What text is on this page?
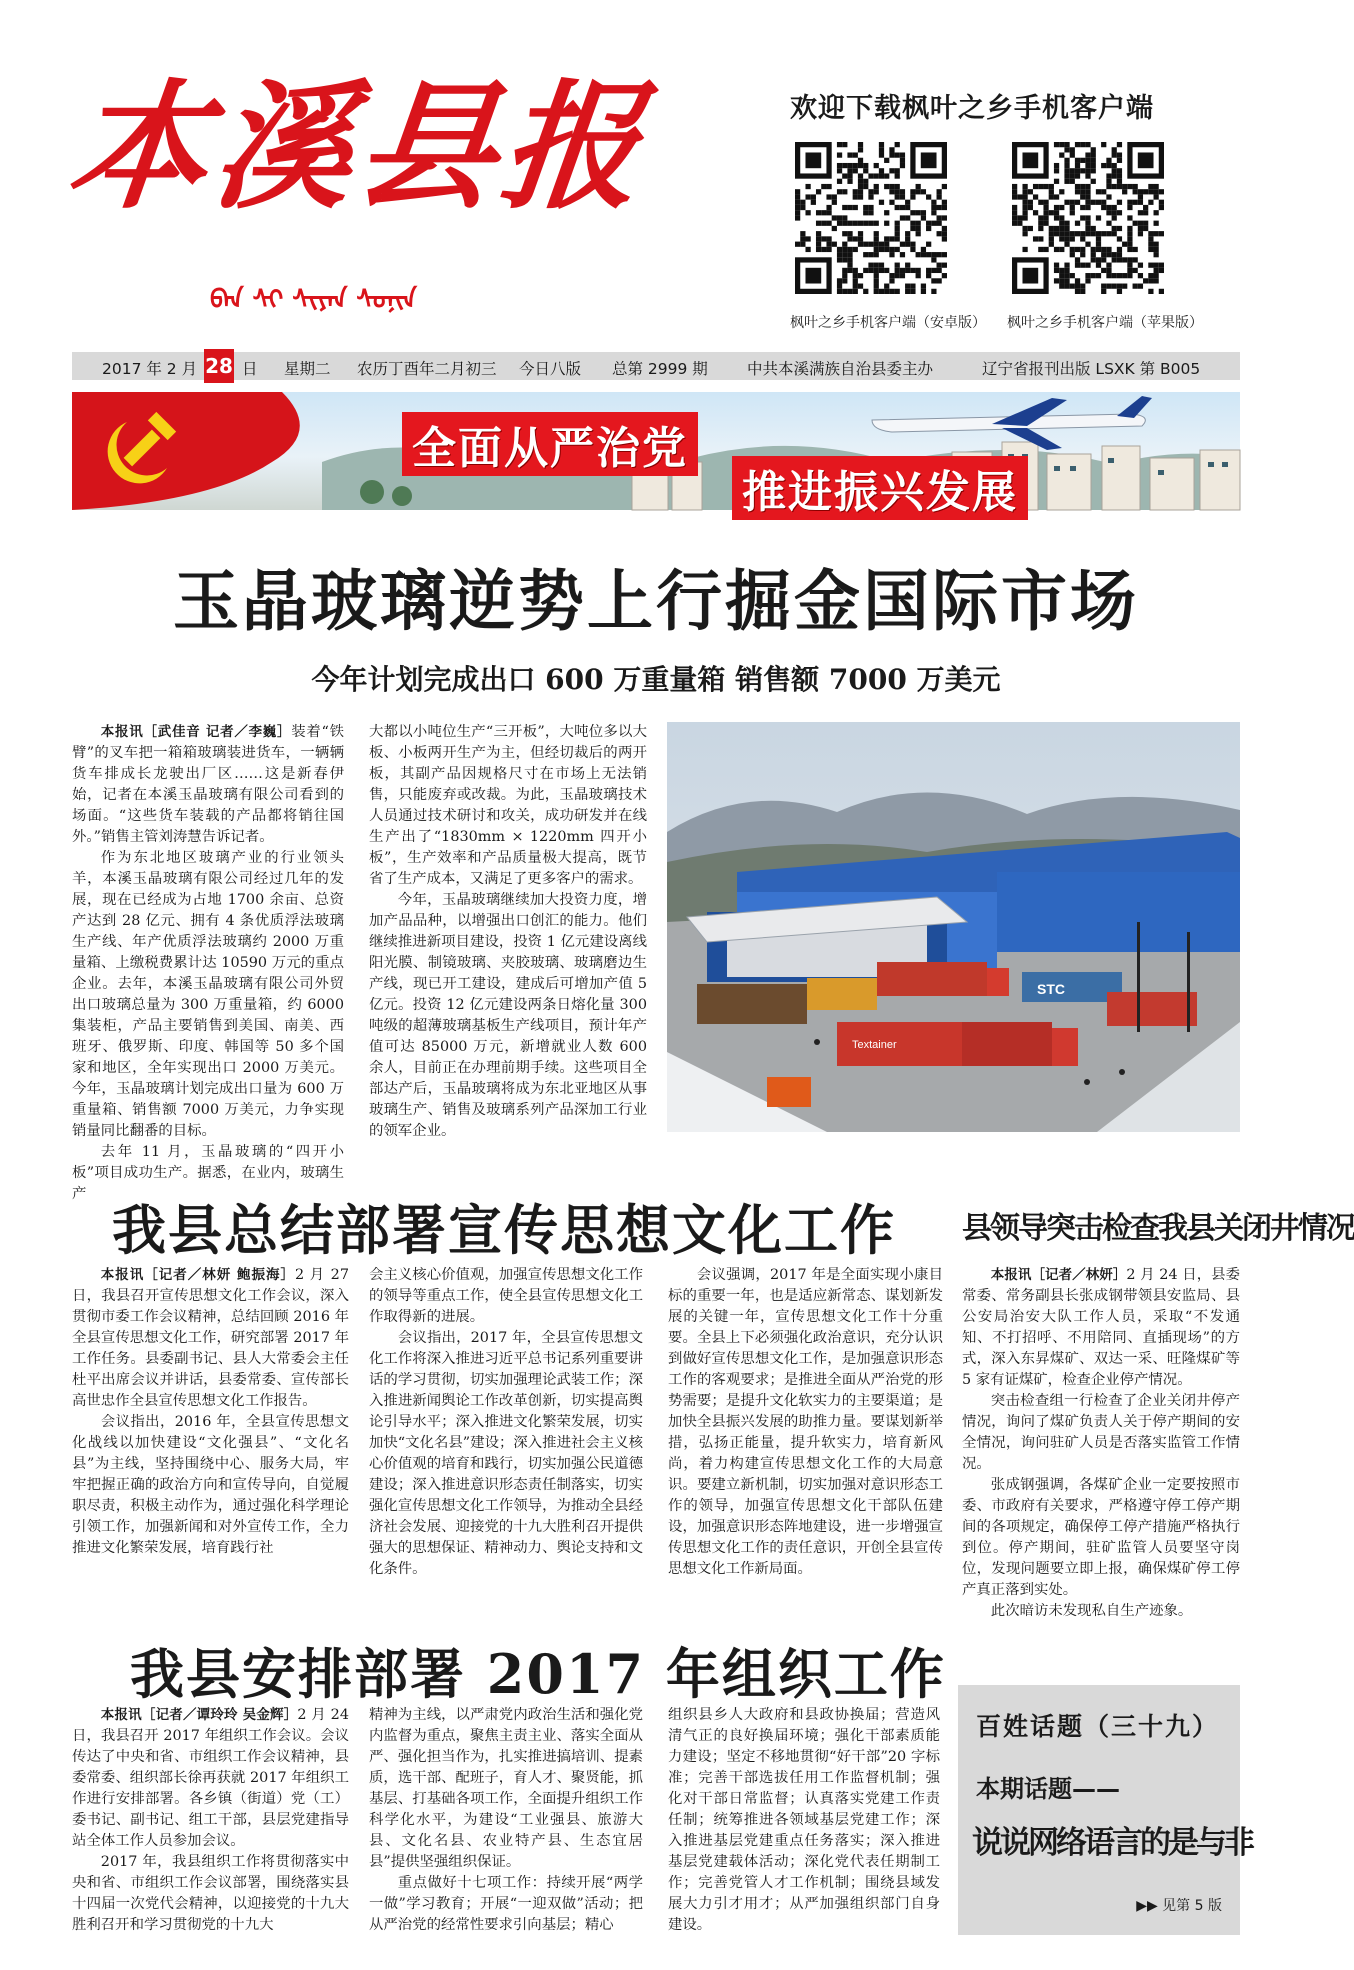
本溪县报
ᠪᠡᠨ ᠰᠢ ᠰᠢᠶᠠᠨ ᠰᠣᠨᠢᠨ
欢迎下载枫叶之乡手机客户端
枫叶之乡手机客户端（安卓版） 枫叶之乡手机客户端（苹果版）
2017 年 2 月 28 日 星期二 农历丁酉年二月初三 今日八版 总第 2999 期	中共本溪满族自治县委主办	辽宁省报刊出版 LSXK 第 B005
全面从严治党
推进振兴发展
玉晶玻璃逆势上行掘金国际市场
今年计划完成出口 600 万重量箱 销售额 7000 万美元

本报讯［武佳音 记者／李巍］装着“铁臂”的叉车把一箱箱玻璃装进货车，一辆辆货车排成长龙驶出厂区……这是新春伊始，记者在本溪玉晶玻璃有限公司看到的场面。“这些货车装载的产品都将销往国外。”销售主管刘涛慧告诉记者。

作为东北地区玻璃产业的行业领头羊，本溪玉晶玻璃有限公司经过几年的发展，现在已经成为占地 1700 余亩、总资产达到 28 亿元、拥有 4 条优质浮法玻璃生产线、年产优质浮法玻璃约 2000 万重量箱、上缴税费累计达 10590 万元的重点企业。去年，本溪玉晶玻璃有限公司外贸出口玻璃总量为 300 万重量箱，约 6000 集装柜，产品主要销售到美国、南美、西班牙、俄罗斯、印度、韩国等 50 多个国家和地区，全年实现出口 2000 万美元。今年，玉晶玻璃计划完成出口量为 600 万重量箱、销售额 7000 万美元，力争实现销量同比翻番的目标。

去年 11 月，玉晶玻璃的“四开小板”项目成功生产。据悉，在业内，玻璃生产

大都以小吨位生产“三开板”，大吨位多以大板、小板两开生产为主，但经切裁后的两开板，其副产品因规格尺寸在市场上无法销售，只能废弃或改裁。为此，玉晶玻璃技术人员通过技术研讨和攻关，成功研发并在线生产出了“1830mm × 1220mm 四开小板”，生产效率和产品质量极大提高，既节省了生产成本，又满足了更多客户的需求。

今年，玉晶玻璃继续加大投资力度，增加产品品种，以增强出口创汇的能力。他们继续推进新项目建设，投资 1 亿元建设离线阳光膜、制镜玻璃、夹胶玻璃、玻璃磨边生产线，现已开工建设，建成后可增加产值 5 亿元。投资 12 亿元建设两条日熔化量 300 吨级的超薄玻璃基板生产线项目，预计年产值可达 85000 万元，新增就业人数 600 余人，目前正在办理前期手续。这些项目全部达产后，玉晶玻璃将成为东北亚地区从事玻璃生产、销售及玻璃系列产品深加工行业的领军企业。

STC
Textainer
我县总结部署宣传思想文化工作

本报讯［记者／林妍 鲍振海］2 月 27 日，我县召开宣传思想文化工作会议，深入贯彻市委工作会议精神，总结回顾 2016 年全县宣传思想文化工作，研究部署 2017 年工作任务。县委副书记、县人大常委会主任杜平出席会议并讲话，县委常委、宣传部长高世忠作全县宣传思想文化工作报告。

会议指出，2016 年，全县宣传思想文化战线以加快建设“文化强县”、“文化名县”为主线，坚持围绕中心、服务大局，牢牢把握正确的政治方向和宣传导向，自觉履职尽责，积极主动作为，通过强化科学理论引领工作，加强新闻和对外宣传工作，全力推进文化繁荣发展，培育践行社

会主义核心价值观，加强宣传思想文化工作的领导等重点工作，使全县宣传思想文化工作取得新的进展。

会议指出，2017 年，全县宣传思想文化工作将深入推进习近平总书记系列重要讲话的学习贯彻，切实加强理论武装工作；深入推进新闻舆论工作改革创新，切实提高舆论引导水平；深入推进文化繁荣发展，切实加快“文化名县”建设；深入推进社会主义核心价值观的培育和践行，切实加强公民道德建设；深入推进意识形态责任制落实，切实强化宣传思想文化工作领导，为推动全县经济社会发展、迎接党的十九大胜利召开提供强大的思想保证、精神动力、舆论支持和文化条件。

会议强调，2017 年是全面实现小康目标的重要一年，也是适应新常态、谋划新发展的关键一年，宣传思想文化工作十分重要。全县上下必须强化政治意识，充分认识到做好宣传思想文化工作，是加强意识形态工作的客观要求；是推进全面从严治党的形势需要；是提升文化软实力的主要渠道；是加快全县振兴发展的助推力量。要谋划新举措，弘扬正能量，提升软实力，培育新风尚，着力构建宣传思想文化工作的大局意识。要建立新机制，切实加强对意识形态工作的领导，加强宣传思想文化干部队伍建设，加强意识形态阵地建设，进一步增强宣传思想文化工作的责任意识，开创全县宣传思想文化工作新局面。

县领导突击检查我县关闭井情况

本报讯［记者／林妍］2 月 24 日，县委常委、常务副县长张成钢带领县安监局、县公安局治安大队工作人员，采取“不发通知、不打招呼、不用陪同、直插现场”的方式，深入东昇煤矿、双达一采、旺隆煤矿等 5 家有证煤矿，检查企业停产情况。

突击检查组一行检查了企业关闭井停产情况，询问了煤矿负责人关于停产期间的安全情况，询问驻矿人员是否落实监管工作情况。

张成钢强调，各煤矿企业一定要按照市委、市政府有关要求，严格遵守停工停产期间的各项规定，确保停工停产措施严格执行到位。停产期间，驻矿监管人员要坚守岗位，发现问题要立即上报，确保煤矿停工停产真正落到实处。

此次暗访未发现私自生产迹象。

我县安排部署 2017 年组织工作

本报讯［记者／谭玲玲 吴金辉］2 月 24 日，我县召开 2017 年组织工作会议。会议传达了中央和省、市组织工作会议精神，县委常委、组织部长徐再获就 2017 年组织工作进行安排部署。各乡镇（街道）党（工）委书记、副书记、组工干部，县层党建指导站全体工作人员参加会议。

2017 年，我县组织工作将贯彻落实中央和省、市组织工作会议部署，围绕落实县十四届一次党代会精神，以迎接党的十九大胜利召开和学习贯彻党的十九大

精神为主线，以严肃党内政治生活和强化党内监督为重点，聚焦主责主业、落实全面从严、强化担当作为，扎实推进搞培训、提素质，选干部、配班子，育人才、聚贤能，抓基层、打基础各项工作，全面提升组织工作科学化水平，为建设“工业强县、旅游大县、文化名县、农业特产县、生态宜居县”提供坚强组织保证。

重点做好十七项工作：持续开展“两学一做”学习教育；开展“一迎双做”活动；把从严治党的经常性要求引向基层；精心

组织县乡人大政府和县政协换届；营造风清气正的良好换届环境；强化干部素质能力建设；坚定不移地贯彻“好干部”20 字标准；完善干部选拔任用工作监督机制；强化对干部日常监督；认真落实党建工作责任制；统筹推进各领域基层党建工作；深入推进基层党建重点任务落实；深入推进基层党建载体活动；深化党代表任期制工作；完善党管人才工作机制；围绕县域发展大力引才用才；从严加强组织部门自身建设。

百姓话题（三十九）
本期话题——
说说网络语言的是与非
▶▶ 见第 5 版
